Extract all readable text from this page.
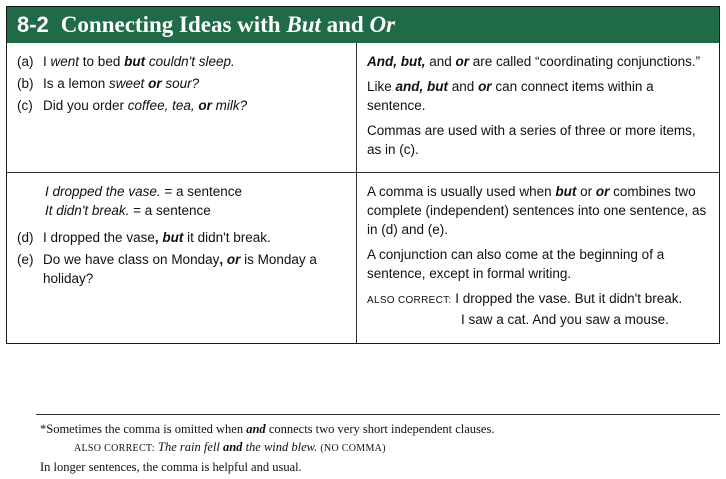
8-2 Connecting Ideas with But and Or
(a) I went to bed but couldn't sleep.
(b) Is a lemon sweet or sour?
(c) Did you order coffee, tea, or milk?
And, but, and or are called “coordinating conjunctions.”
Like and, but and or can connect items within a sentence.
Commas are used with a series of three or more items, as in (c).
I dropped the vase. = a sentence
It didn't break. = a sentence
(d) I dropped the vase, but it didn't break.
(e) Do we have class on Monday, or is Monday a holiday?
A comma is usually used when but or or combines two complete (independent) sentences into one sentence, as in (d) and (e).
A conjunction can also come at the beginning of a sentence, except in formal writing.
ALSO CORRECT: I dropped the vase. But it didn't break.
I saw a cat. And you saw a mouse.
*Sometimes the comma is omitted when and connects two very short independent clauses.
ALSO CORRECT: The rain fell and the wind blew. (NO COMMA)
In longer sentences, the comma is helpful and usual.
